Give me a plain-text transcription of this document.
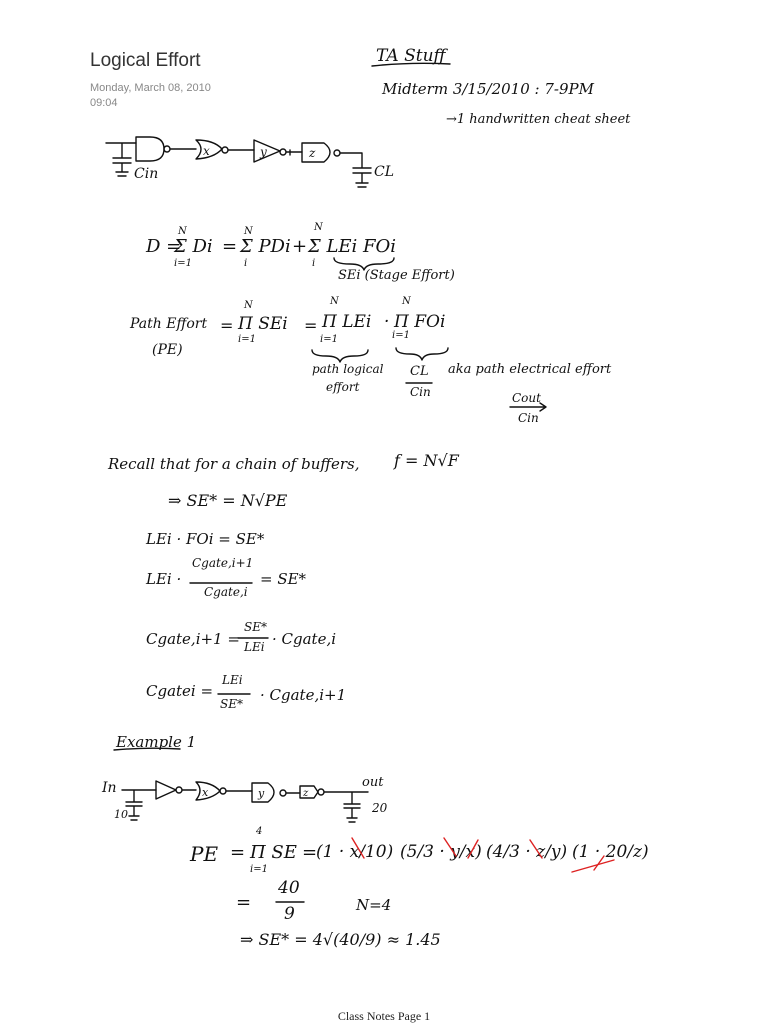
Logical Effort
Monday, March 08, 2010
09:04
TA Stuff
Midterm 3/15/2010 : 7-9PM
→1 handwritten cheat sheet
x	y	z
Cin	CL
D =
N
Σ Di
i=1
=
N
Σ PDi
i
+
N
Σ LEi FOi
i
SEi (Stage Effort)
Path Effort
(PE)
=
N
Π SEi
i=1
=
N
Π LEi
i=1
·
N
Π FOi
i=1
path logical
effort
CL
Cin
aka path electrical effort
Cout
Cin
Recall that for a chain of buffers, f = N√F
⇒ SE* = N√PE
LEi · FOi = SE*
LEi ·
Cgate,i+1
Cgate,i
= SE*
Cgate,i+1 =
SE*
LEi · Cgate,i
Cgatei =
LEi
SE* · Cgate,i+1
Example 1
In	out
10	20
x	y	z
PE =
4
Π SE
i=1
=
(1 · x/10) (5/3 · y/x) (4/3 · z/y) (1 · 20/z)
=
40
9	N=4
⇒ SE* = 4√(40/9) ≈ 1.45
Class Notes Page 1
